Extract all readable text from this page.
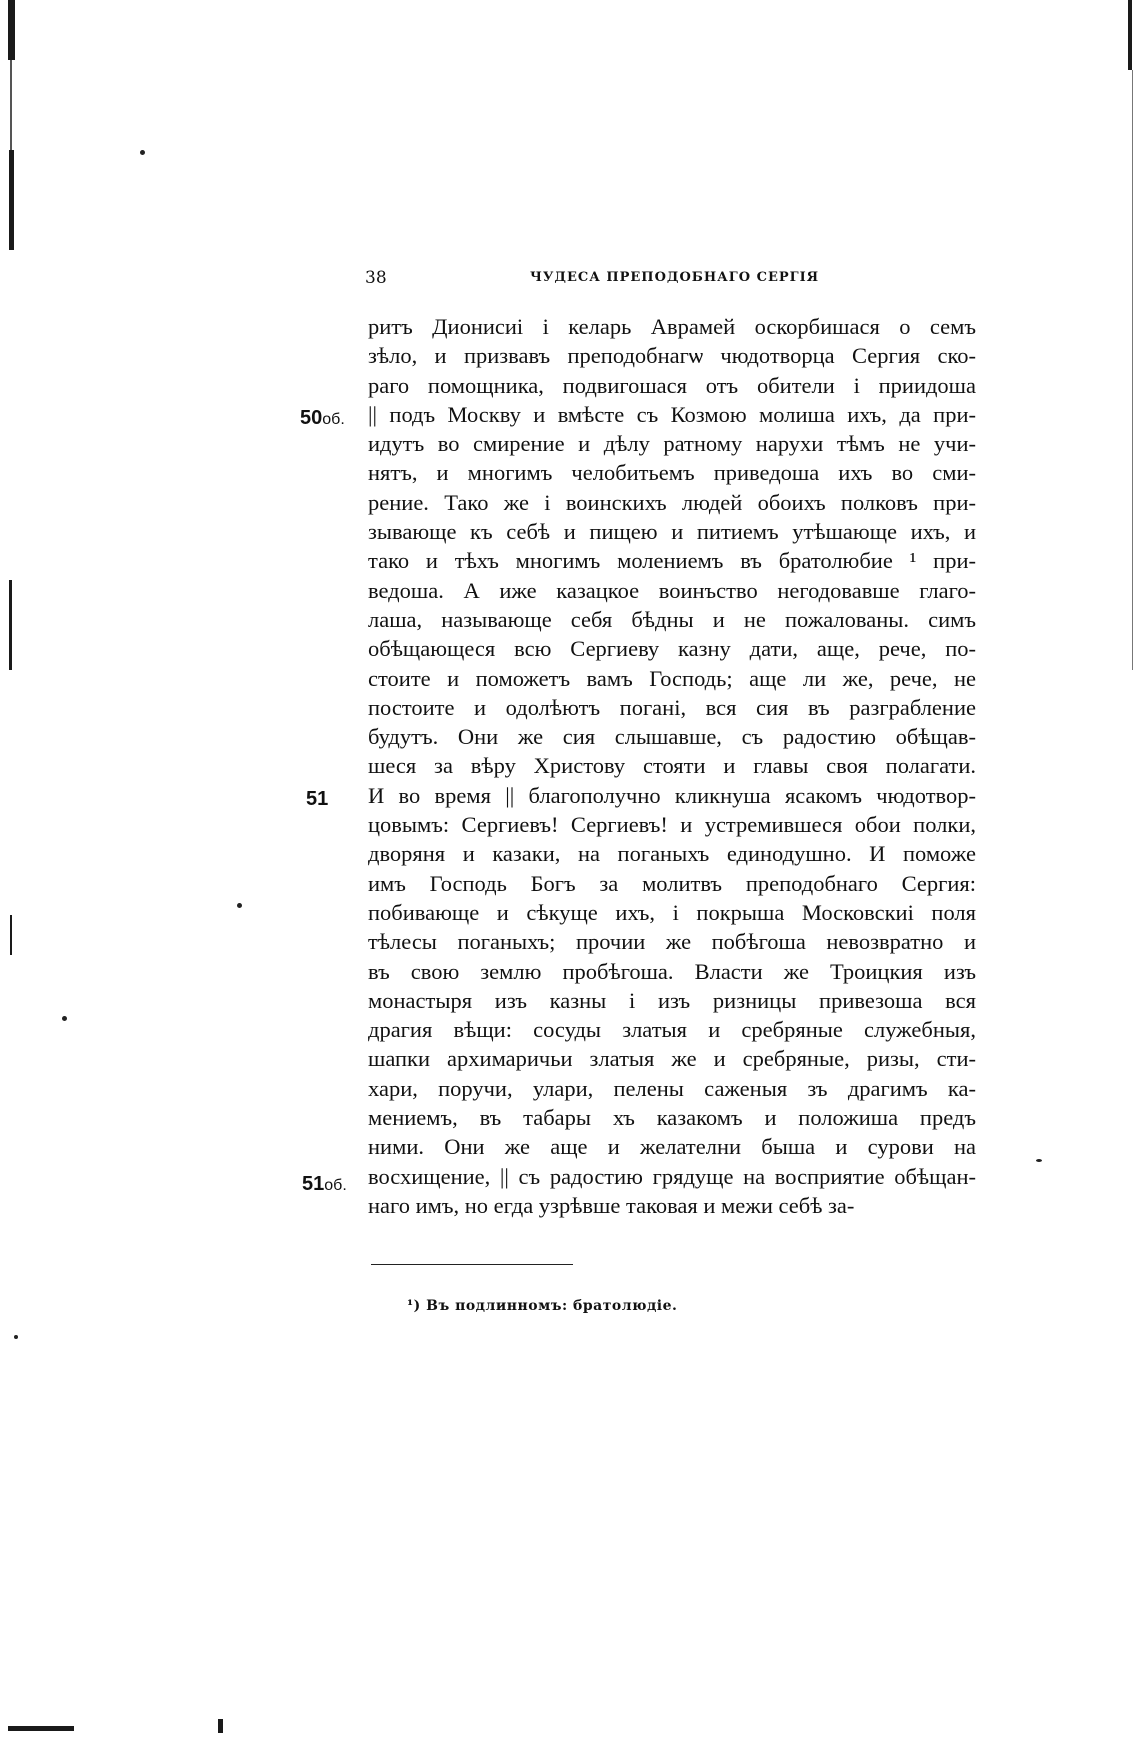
38	ЧУДЕСА ПРЕПОДОБНАГО СЕРГІЯ
ритъ Дионисиі і келарь Аврамей оскорбишася о семъ
зѣло, и призвавъ преподобнагѡ чюдотворца Сергия ско-
раго помощника, подвигошася отъ обители і приидоша
|| подъ Москву и вмѣсте съ Козмою молиша ихъ, да при-
идутъ во смирение и дѣлу ратному нарухи тѣмъ не учи-
нятъ, и многимъ челобитьемъ приведоша ихъ во сми-
рение. Тако же і воинскихъ людей обоихъ полковъ при-
зывающе къ себѣ и пищею и питиемъ утѣшающе ихъ, и
тако и тѣхъ многимъ молениемъ въ братолюбие ¹ при-
ведоша. А иже казацкое воинъство негодовавше глаго-
лаша, называюще себя бѣдны и не пожалованы. симъ
обѣщающеся всю Сергиеву казну дати, аще, рече, по-
стоите и поможетъ вамъ Господь; аще ли же, рече, не
постоите и одолѣютъ погані, вся сия въ разграбление
будутъ. Они же сия слышавше, съ радостию обѣщав-
шеся за вѣру Христову стояти и главы своя полагати.
И во время || благополучно кликнуша ясакомъ чюдотвор-
цовымъ: Сергиевъ! Сергиевъ! и устремившеся обои полки,
дворяня и казаки, на поганыхъ единодушно. И поможе
имъ Господь Богъ за молитвъ преподобнаго Сергия:
побивающе и сѣкуще ихъ, і покрыша Московскиі поля
тѣлесы поганыхъ; прочии же побѣгоша невозвратно и
въ свою землю пробѣгоша. Власти же Троицкия изъ
монастыря изъ казны і изъ ризницы привезоша вся
драгия вѣщи: сосуды златыя и сребряные служебныя,
шапки архимаричьи златыя же и сребряные, ризы, сти-
хари, поручи, улари, пелены саженыя зъ драгимъ ка-
мениемъ, въ табары хъ казакомъ и положиша предъ
ними. Они же аще и желателни быша и сурови на
восхищение, || съ радостию грядуще на восприятие обѣщан-
наго имъ, но егда узрѣвше таковая и межи себѣ за-
50об.
51
51об.
¹) Въ подлинномъ: братолюдіе.
